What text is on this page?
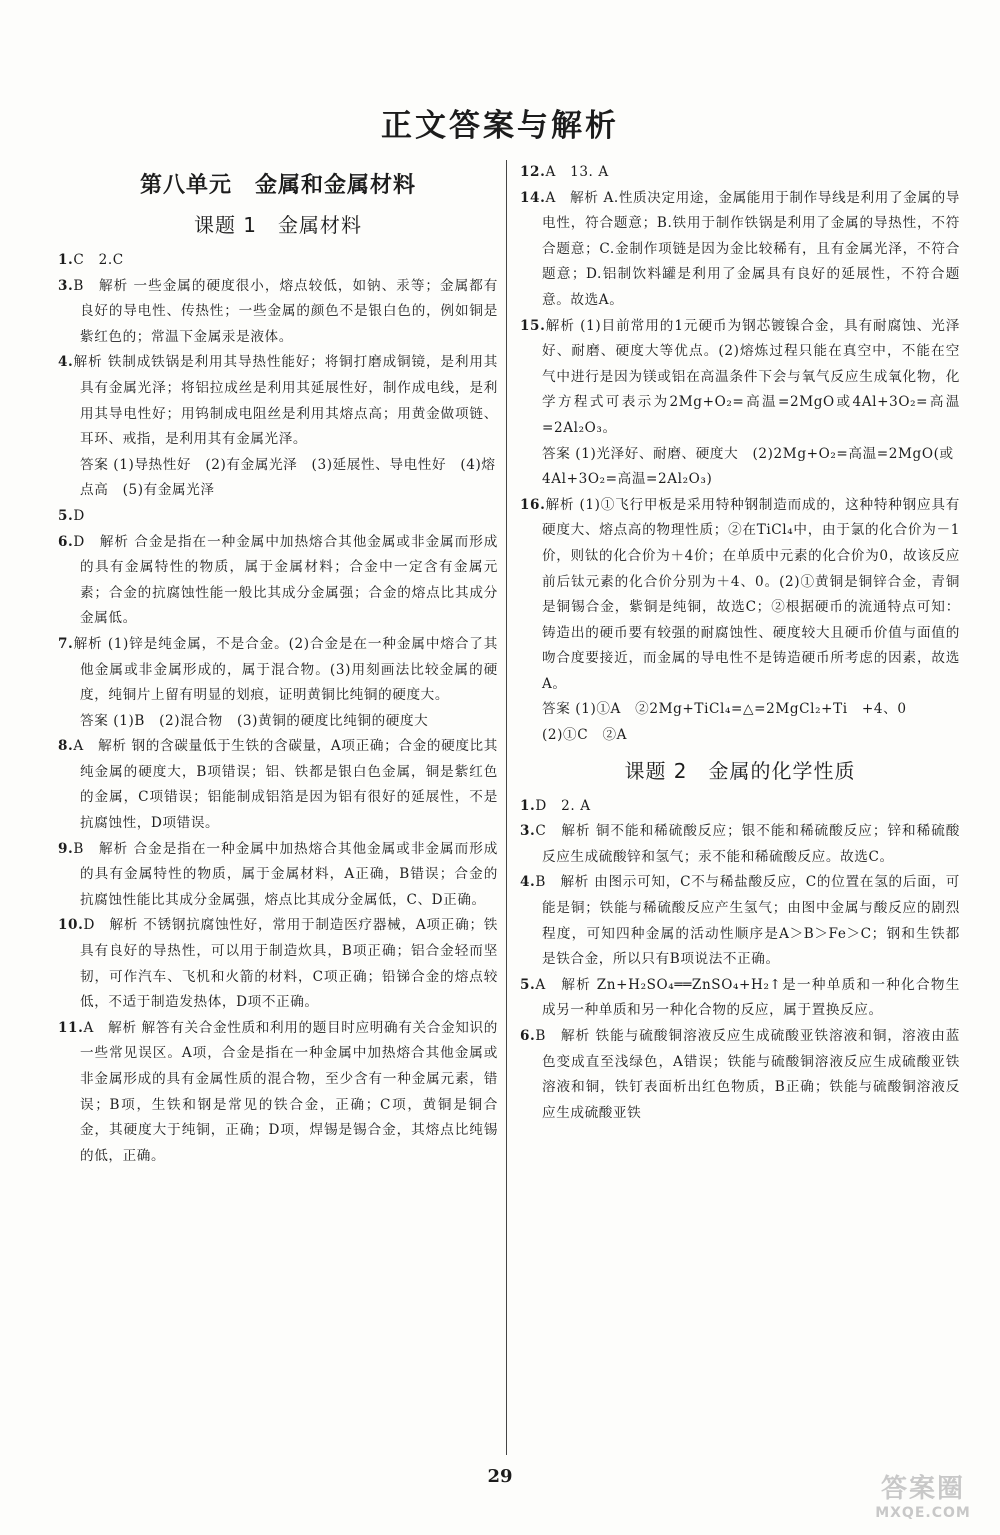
正文答案与解析
第八单元　金属和金属材料
课题 1　金属材料

1.C　2.C

3.B　解析 一些金属的硬度很小，熔点较低，如钠、汞等；金属都有良好的导电性、传热性；一些金属的颜色不是银白色的，例如铜是紫红色的；常温下金属汞是液体。

4.解析 铁制成铁锅是利用其导热性能好；将铜打磨成铜镜，是利用其具有金属光泽；将铝拉成丝是利用其延展性好，制作成电线，是利用其导电性好；用钨制成电阻丝是利用其熔点高；用黄金做项链、耳环、戒指，是利用其有金属光泽。

答案 (1)导热性好　(2)有金属光泽　(3)延展性、导电性好　(4)熔点高　(5)有金属光泽

5.D

6.D　解析 合金是指在一种金属中加热熔合其他金属或非金属而形成的具有金属特性的物质，属于金属材料；合金中一定含有金属元素；合金的抗腐蚀性能一般比其成分金属强；合金的熔点比其成分金属低。

7.解析 (1)锌是纯金属，不是合金。(2)合金是在一种金属中熔合了其他金属或非金属形成的，属于混合物。(3)用刻画法比较金属的硬度，纯铜片上留有明显的划痕，证明黄铜比纯铜的硬度大。

答案 (1)B　(2)混合物　(3)黄铜的硬度比纯铜的硬度大

8.A　解析 钢的含碳量低于生铁的含碳量，A项正确；合金的硬度比其纯金属的硬度大，B项错误；铝、铁都是银白色金属，铜是紫红色的金属，C项错误；铝能制成铝箔是因为铝有很好的延展性，不是抗腐蚀性，D项错误。

9.B　解析 合金是指在一种金属中加热熔合其他金属或非金属而形成的具有金属特性的物质，属于金属材料，A正确，B错误；合金的抗腐蚀性能比其成分金属强，熔点比其成分金属低，C、D正确。

10.D　解析 不锈钢抗腐蚀性好，常用于制造医疗器械，A项正确；铁具有良好的导热性，可以用于制造炊具，B项正确；铝合金轻而坚韧，可作汽车、飞机和火箭的材料，C项正确；铅锑合金的熔点较低，不适于制造发热体，D项不正确。

11.A　解析 解答有关合金性质和利用的题目时应明确有关合金知识的一些常见误区。A项，合金是指在一种金属中加热熔合其他金属或非金属形成的具有金属性质的混合物，至少含有一种金属元素，错误；B项，生铁和钢是常见的铁合金，正确；C项，黄铜是铜合金，其硬度大于纯铜，正确；D项，焊锡是锡合金，其熔点比纯锡的低，正确。

12.A　13. A

14.A　解析 A.性质决定用途，金属能用于制作导线是利用了金属的导电性，符合题意；B.铁用于制作铁锅是利用了金属的导热性，不符合题意；C.金制作项链是因为金比较稀有，且有金属光泽，不符合题意；D.铝制饮料罐是利用了金属具有良好的延展性，不符合题意。故选A。

15.解析 (1)目前常用的1元硬币为钢芯镀镍合金，具有耐腐蚀、光泽好、耐磨、硬度大等优点。(2)熔炼过程只能在真空中，不能在空气中进行是因为镁或铝在高温条件下会与氧气反应生成氧化物，化学方程式可表示为2Mg+O₂=高温=2MgO或4Al+3O₂=高温=2Al₂O₃。

答案 (1)光泽好、耐磨、硬度大　(2)2Mg+O₂=高温=2MgO(或4Al+3O₂=高温=2Al₂O₃)

16.解析 (1)①飞行甲板是采用特种钢制造而成的，这种特种钢应具有硬度大、熔点高的物理性质；②在TiCl₄中，由于氯的化合价为－1价，则钛的化合价为＋4价；在单质中元素的化合价为0，故该反应前后钛元素的化合价分别为＋4、0。(2)①黄铜是铜锌合金，青铜是铜锡合金，紫铜是纯铜，故选C；②根据硬币的流通特点可知：铸造出的硬币要有较强的耐腐蚀性、硬度较大且硬币价值与面值的吻合度要接近，而金属的导电性不是铸造硬币所考虑的因素，故选A。

答案 (1)①A　②2Mg+TiCl₄=△=2MgCl₂+Ti　+4、0　(2)①C　②A

课题 2　金属的化学性质

1.D　2. A

3.C　解析 铜不能和稀硫酸反应；银不能和稀硫酸反应；锌和稀硫酸反应生成硫酸锌和氢气；汞不能和稀硫酸反应。故选C。

4.B　解析 由图示可知，C不与稀盐酸反应，C的位置在氢的后面，可能是铜；铁能与稀硫酸反应产生氢气；由图中金属与酸反应的剧烈程度，可知四种金属的活动性顺序是A＞B＞Fe＞C；钢和生铁都是铁合金，所以只有B项说法不正确。

5.A　解析 Zn+H₂SO₄══ZnSO₄+H₂↑是一种单质和一种化合物生成另一种单质和另一种化合物的反应，属于置换反应。

6.B　解析 铁能与硫酸铜溶液反应生成硫酸亚铁溶液和铜，溶液由蓝色变成直至浅绿色，A错误；铁能与硫酸铜溶液反应生成硫酸亚铁溶液和铜，铁钉表面析出红色物质，B正确；铁能与硫酸铜溶液反应生成硫酸亚铁

29	答案圈
MXQE.COM
